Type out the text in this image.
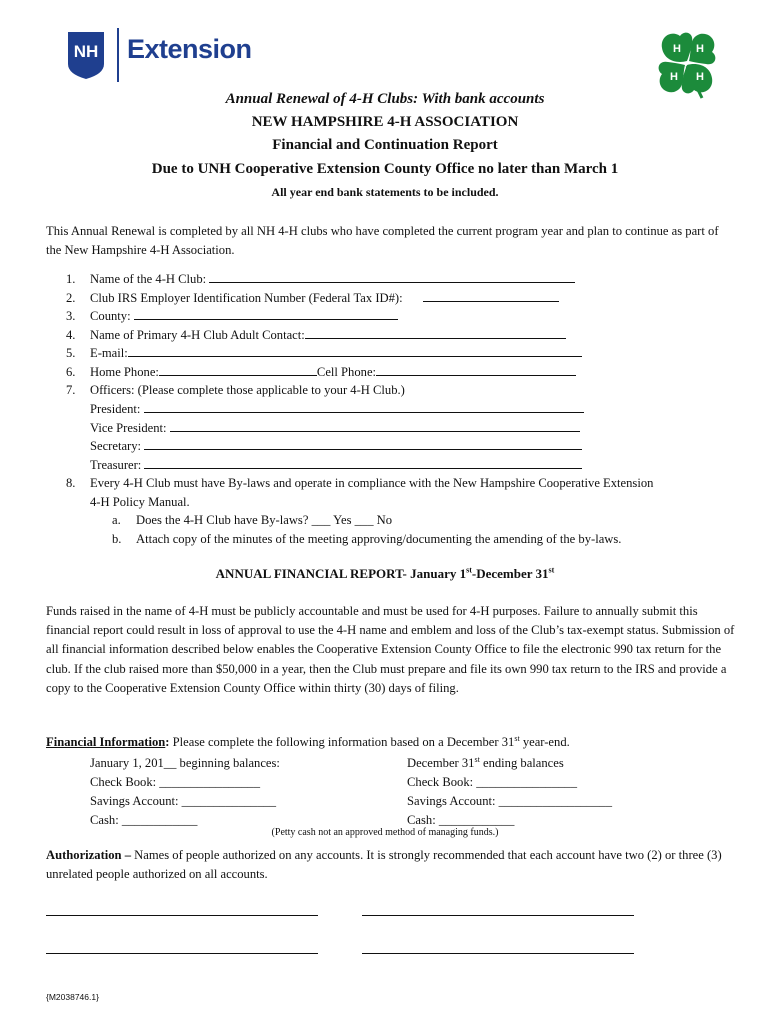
NH Extension	H H
H
H
Annual Renewal of 4-H Clubs: With bank accounts
NEW HAMPSHIRE 4-H ASSOCIATION
Financial and Continuation Report
Due to UNH Cooperative Extension County Office no later than March 1
All year end bank statements to be included.
This Annual Renewal is completed by all NH 4-H clubs who have completed the current program year and plan to continue as part of the New Hampshire 4-H Association.
1. Name of the 4-H Club:
2. Club IRS Employer Identification Number (Federal Tax ID#):
3. County:
4. Name of Primary 4-H Club Adult Contact:
5. E-mail:
6. Home Phone:	Cell Phone:
7. Officers: (Please complete those applicable to your 4-H Club.)
President:
Vice President:
Secretary:
Treasurer:
8. Every 4-H Club must have By-laws and operate in compliance with the New Hampshire Cooperative Extension
4-H Policy Manual.
a. Does the 4-H Club have By-laws? ___ Yes ___ No
b. Attach copy of the minutes of the meeting approving/documenting the amending of the by-laws.
ANNUAL FINANCIAL REPORT- January 1st-December 31st
Funds raised in the name of 4-H must be publicly accountable and must be used for 4-H purposes. Failure to annually submit this financial report could result in loss of approval to use the 4-H name and emblem and loss of the Club’s tax-exempt status. Submission of all financial information described below enables the Cooperative Extension County Office to file the electronic 990 tax return for the club. If the club raised more than $50,000 in a year, then the Club must prepare and file its own 990 tax return to the IRS and provide a copy to the Cooperative Extension County Office within thirty (30) days of filing.
Financial Information: Please complete the following information based on a December 31st year-end.
January 1, 201__ beginning balances:
Check Book: ________________
Savings Account: _______________
Cash: ____________
December 31st ending balances
Check Book: ________________
Savings Account: __________________
Cash: ____________
(Petty cash not an approved method of managing funds.)
Authorization – Names of people authorized on any accounts. It is strongly recommended that each account have two (2) or three (3) unrelated people authorized on all accounts.
{M2038746.1}
